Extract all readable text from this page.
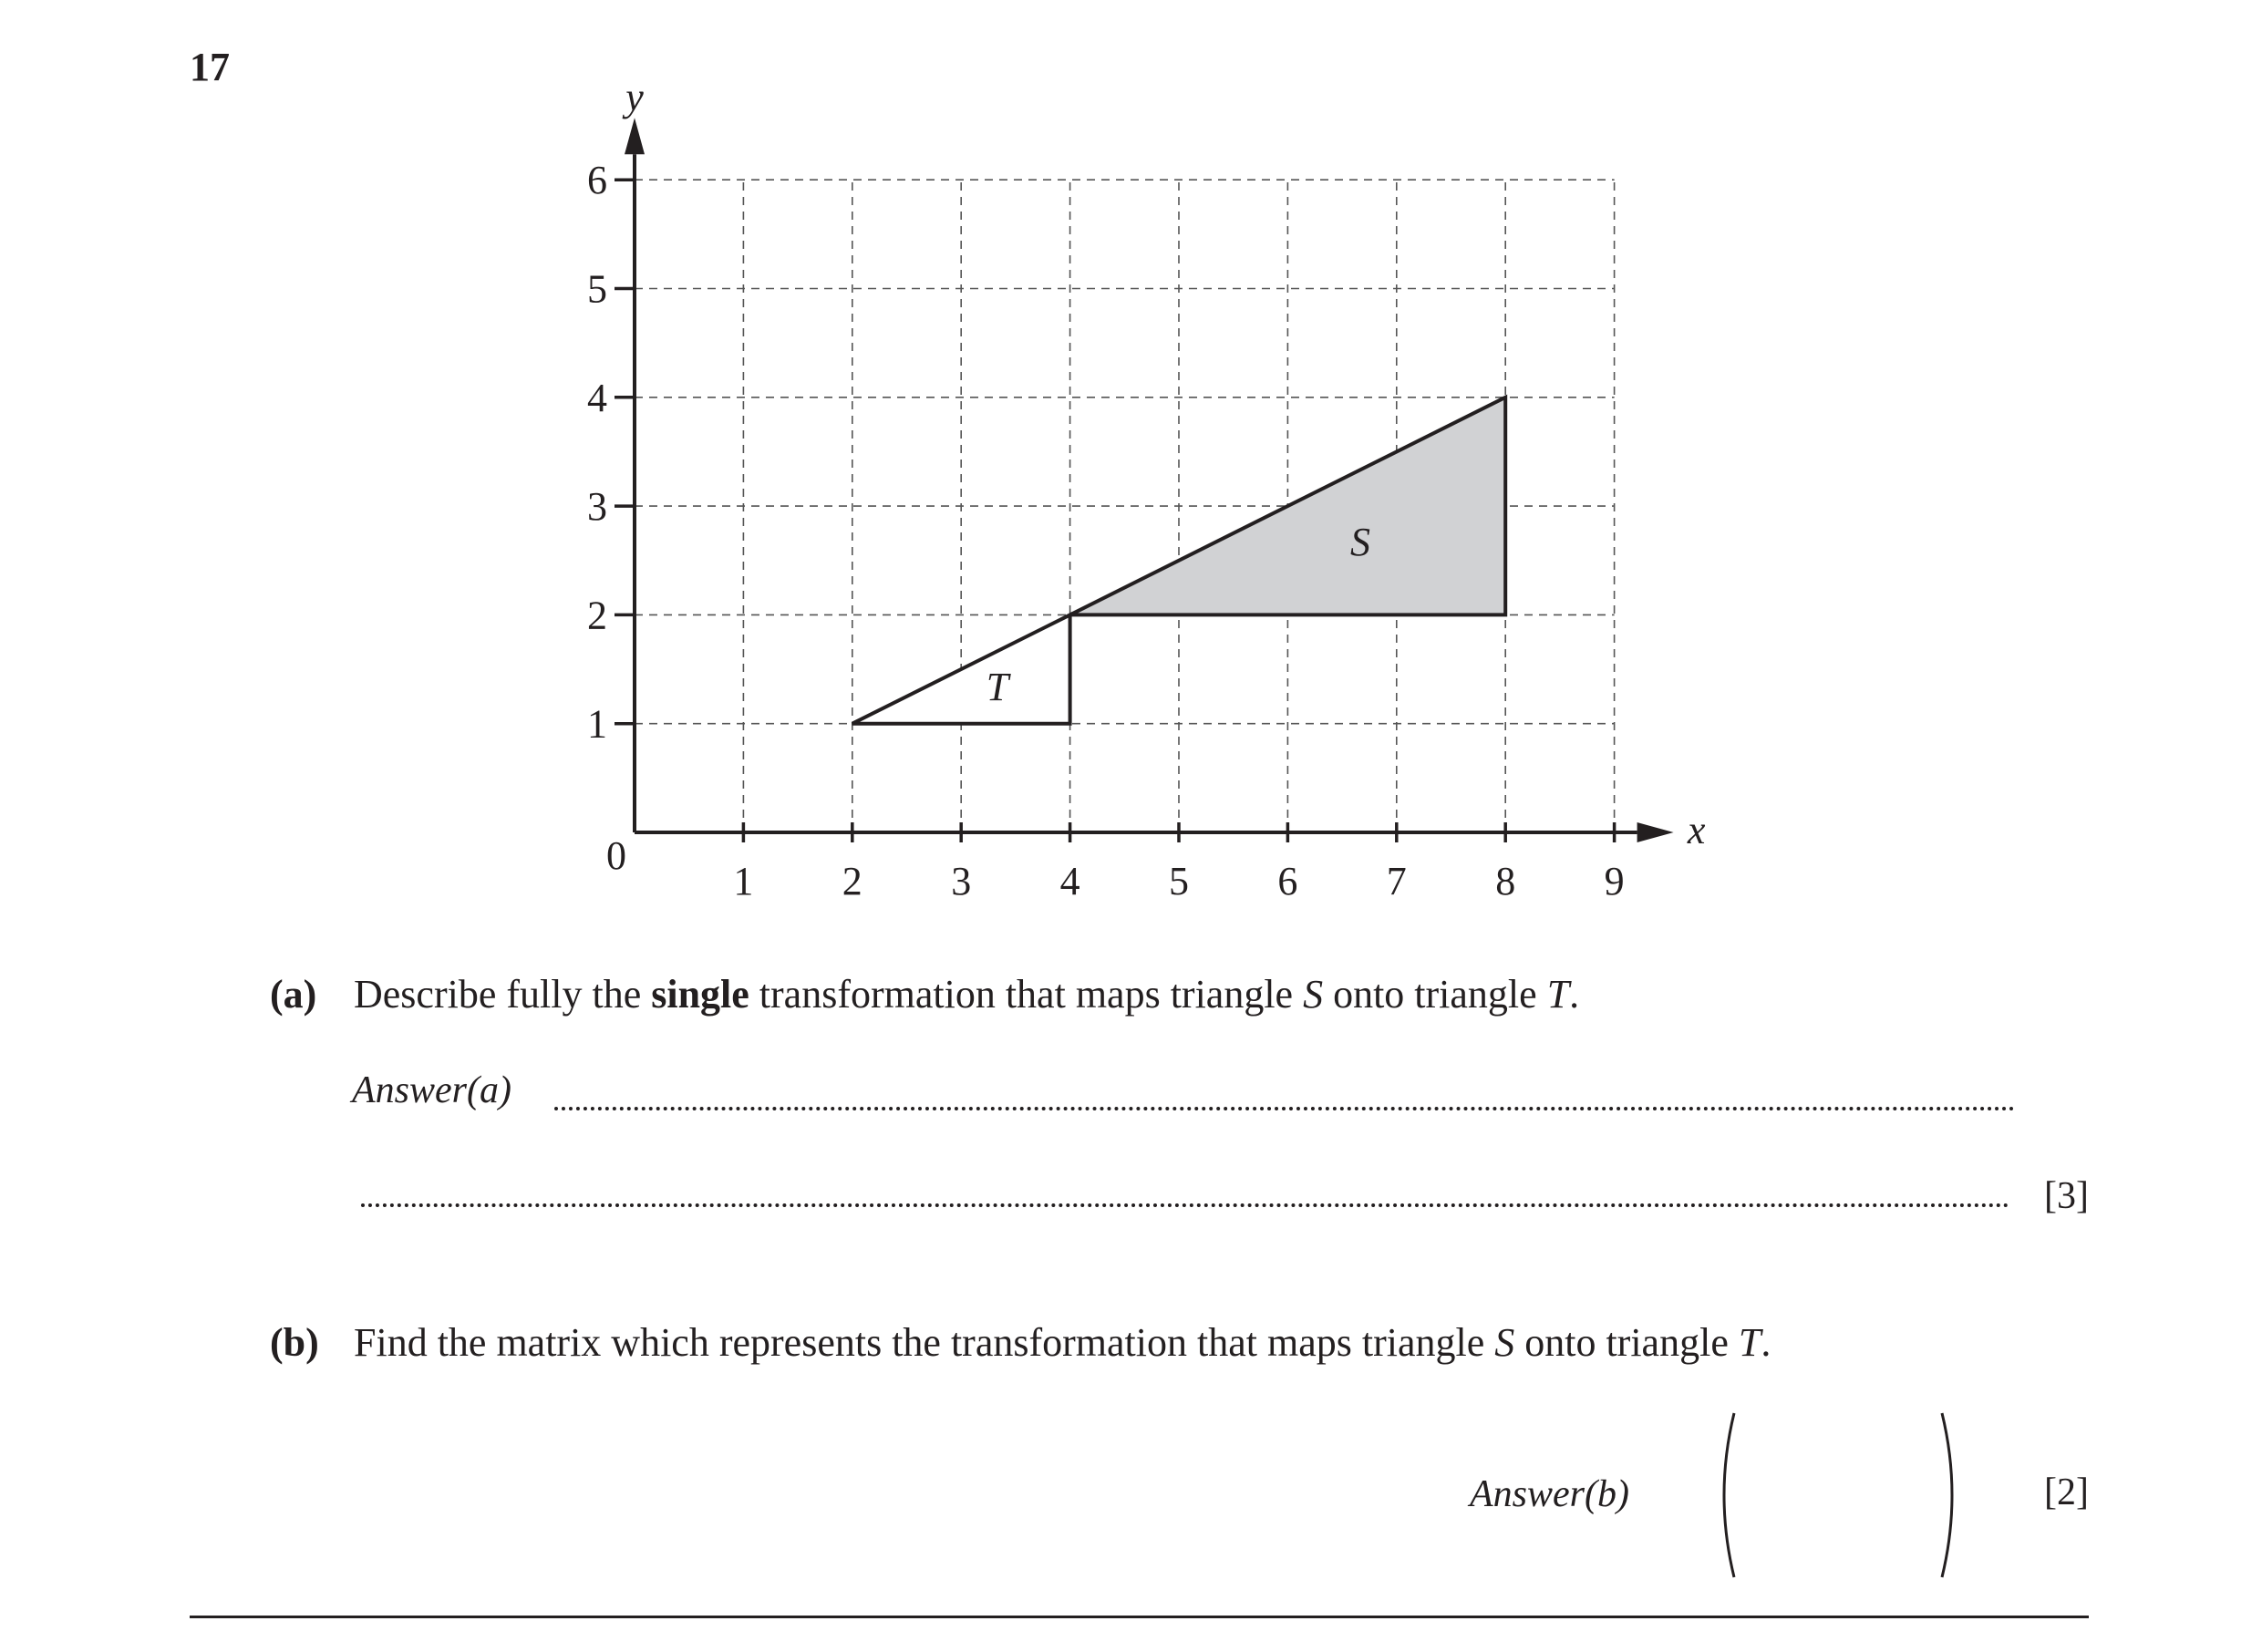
17
T
S
1 2 3 4 5 6 7 8 9
1
2
3
4
5
6
0
x
y
(a) Describe fully the single transformation that maps triangle S onto triangle T.
Answer(a)
[3]
(b) Find the matrix which represents the transformation that maps triangle S onto triangle T.
Answer(b)	[2]
